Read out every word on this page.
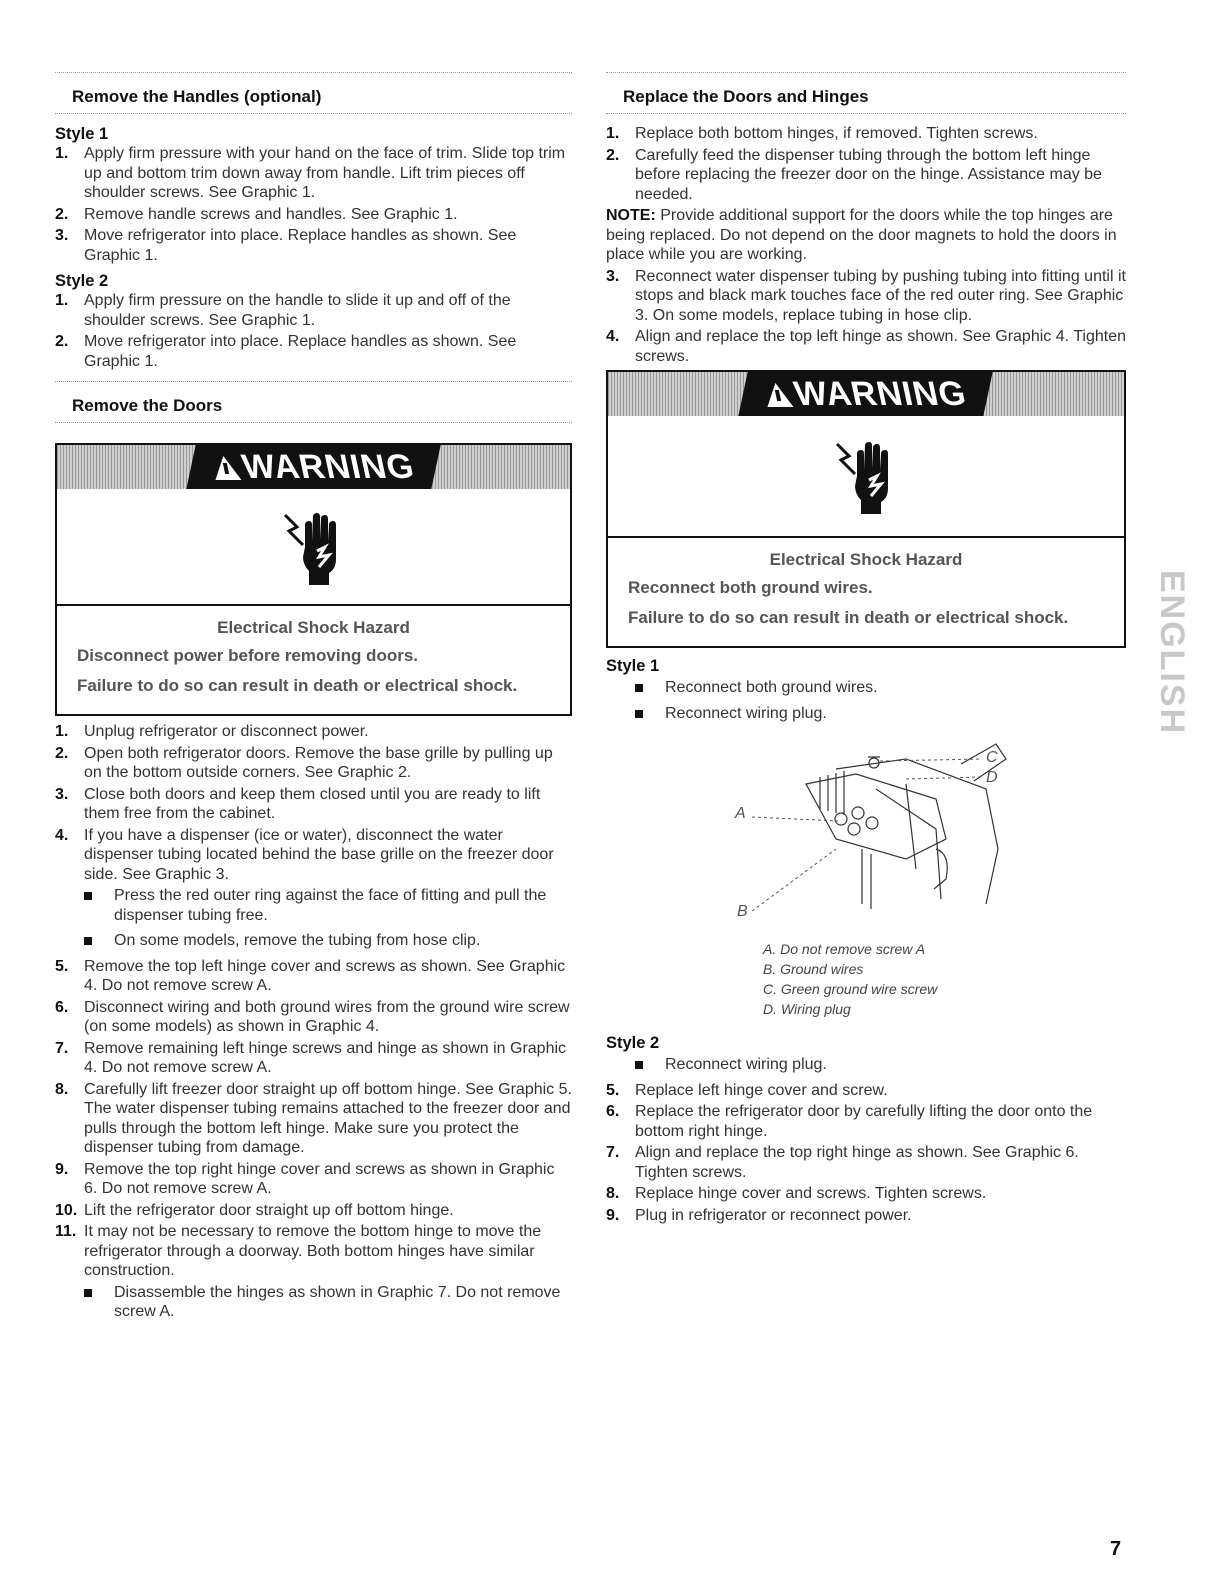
Remove the Handles (optional)
Style 1
1. Apply firm pressure with your hand on the face of trim. Slide top trim up and bottom trim down away from handle. Lift trim pieces off shoulder screws. See Graphic 1.
2. Remove handle screws and handles. See Graphic 1.
3. Move refrigerator into place. Replace handles as shown. See Graphic 1.
Style 2
1. Apply firm pressure on the handle to slide it up and off of the shoulder screws. See Graphic 1.
2. Move refrigerator into place. Replace handles as shown. See Graphic 1.
Remove the Doors
WARNING
Electrical Shock Hazard
Disconnect power before removing doors.
Failure to do so can result in death or electrical shock.
1. Unplug refrigerator or disconnect power.
2. Open both refrigerator doors. Remove the base grille by pulling up on the bottom outside corners. See Graphic 2.
3. Close both doors and keep them closed until you are ready to lift them free from the cabinet.
4. If you have a dispenser (ice or water), disconnect the water dispenser tubing located behind the base grille on the freezer door side. See Graphic 3.
Press the red outer ring against the face of fitting and pull the dispenser tubing free.
On some models, remove the tubing from hose clip.
5. Remove the top left hinge cover and screws as shown. See Graphic 4. Do not remove screw A.
6. Disconnect wiring and both ground wires from the ground wire screw (on some models) as shown in Graphic 4.
7. Remove remaining left hinge screws and hinge as shown in Graphic 4. Do not remove screw A.
8. Carefully lift freezer door straight up off bottom hinge. See Graphic 5. The water dispenser tubing remains attached to the freezer door and pulls through the bottom left hinge. Make sure you protect the dispenser tubing from damage.
9. Remove the top right hinge cover and screws as shown in Graphic 6. Do not remove screw A.
10. Lift the refrigerator door straight up off bottom hinge.
11. It may not be necessary to remove the bottom hinge to move the refrigerator through a doorway. Both bottom hinges have similar construction.
Disassemble the hinges as shown in Graphic 7. Do not remove screw A.
Replace the Doors and Hinges
1. Replace both bottom hinges, if removed. Tighten screws.
2. Carefully feed the dispenser tubing through the bottom left hinge before replacing the freezer door on the hinge. Assistance may be needed.

NOTE: Provide additional support for the doors while the top hinges are being replaced. Do not depend on the door magnets to hold the doors in place while you are working.

3. Reconnect water dispenser tubing by pushing tubing into fitting until it stops and black mark touches face of the red outer ring. See Graphic 3. On some models, replace tubing in hose clip.
4. Align and replace the top left hinge as shown. See Graphic 4. Tighten screws.
WARNING
Electrical Shock Hazard
Reconnect both ground wires.
Failure to do so can result in death or electrical shock.
Style 1
Reconnect both ground wires.
Reconnect wiring plug.
A
B
C
D
A. Do not remove screw A
B. Ground wires
C. Green ground wire screw
D. Wiring plug
Style 2
Reconnect wiring plug.
5. Replace left hinge cover and screw.
6. Replace the refrigerator door by carefully lifting the door onto the bottom right hinge.
7. Align and replace the top right hinge as shown. See Graphic 6. Tighten screws.
8. Replace hinge cover and screws. Tighten screws.
9. Plug in refrigerator or reconnect power.
ENGLISH
7
